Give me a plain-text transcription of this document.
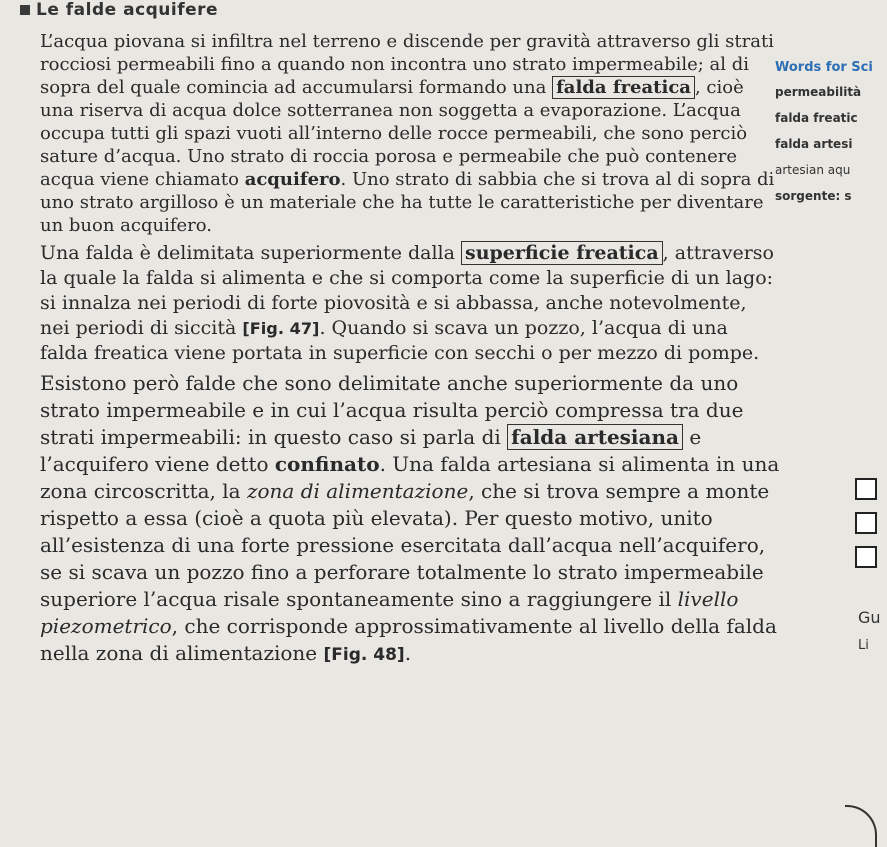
Le falde acquifere

L’acqua piovana si infiltra nel terreno e discende per gravità attraverso gli strati rocciosi permeabili fino a quando non incontra uno strato impermeabile; al di sopra del quale comincia ad accumularsi formando una falda freatica , cioè una riserva di acqua dolce sotterranea non soggetta a evaporazione. L’acqua occupa tutti gli spazi vuoti all’interno delle rocce permeabili, che sono perciò sature d’acqua. Uno strato di roccia porosa e permeabile che può contenere acqua viene chiamato acquifero. Uno strato di sabbia che si trova al di sopra di uno strato argilloso è un materiale che ha tutte le caratteristiche per diventare un buon acquifero.

Una falda è delimitata superiormente dalla superficie freatica , attraverso la quale la falda si alimenta e che si comporta come la superficie di un lago: si innalza nei periodi di forte piovosità e si abbassa, anche notevolmente, nei periodi di siccità [Fig. 47]. Quando si scava un pozzo, l’acqua di una falda freatica viene portata in superficie con secchi o per mezzo di pompe.

Esistono però falde che sono delimitate anche superiormente da uno strato impermeabile e in cui l’acqua risulta perciò compressa tra due strati impermeabili: in questo caso si parla di falda artesiana e l’acquifero viene detto confinato. Una falda artesiana si alimenta in una zona circoscritta, la zona di alimentazione, che si trova sempre a monte rispetto a essa (cioè a quota più elevata). Per questo motivo, unito all’esistenza di una forte pressione esercitata dall’acqua nell’acquifero, se si scava un pozzo fino a perforare totalmente lo strato impermeabile superiore l’acqua risale spontaneamente sino a raggiungere il livello piezometrico, che corrisponde approssimativamente al livello della falda nella zona di alimentazione [Fig. 48].

Words for Sci
permeabilità
falda freatic
falda artesi
artesian aqu
sorgente: s
Gu
Li
